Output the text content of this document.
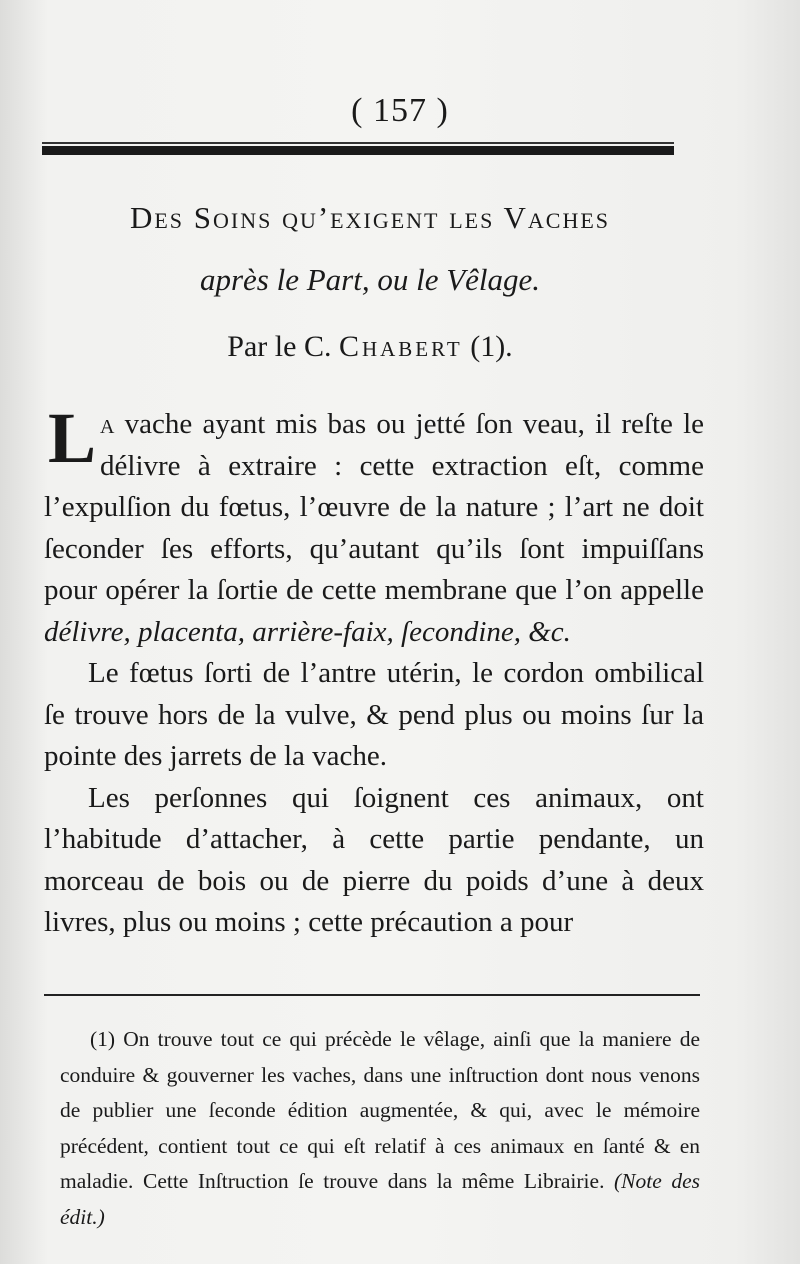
( 157 )
Des Soins qu’exigent les Vaches
après le Part, ou le Vêlage.
Par le C. Chabert (1).

La vache ayant mis bas ou jetté ſon veau, il reſte le délivre à extraire : cette extraction eſt, comme l’expulſion du fœtus, l’œuvre de la nature ; l’art ne doit ſeconder ſes efforts, qu’autant qu’ils ſont impuiſſans pour opérer la ſortie de cette membrane que l’on appelle délivre, placenta, arrière-faix, ſecondine, &c.

Le fœtus ſorti de l’antre utérin, le cordon ombilical ſe trouve hors de la vulve, & pend plus ou moins ſur la pointe des jarrets de la vache.

Les perſonnes qui ſoignent ces animaux, ont l’habitude d’attacher, à cette partie pendante, un morceau de bois ou de pierre du poids d’une à deux livres, plus ou moins ; cette précaution a pour

(1) On trouve tout ce qui précède le vêlage, ainſi que la maniere de conduire & gouverner les vaches, dans une inſtruction dont nous venons de publier une ſeconde édition augmentée, & qui, avec le mémoire précédent, contient tout ce qui eſt relatif à ces animaux en ſanté & en maladie. Cette Inſtruction ſe trouve dans la même Librairie. (Note des édit.)
